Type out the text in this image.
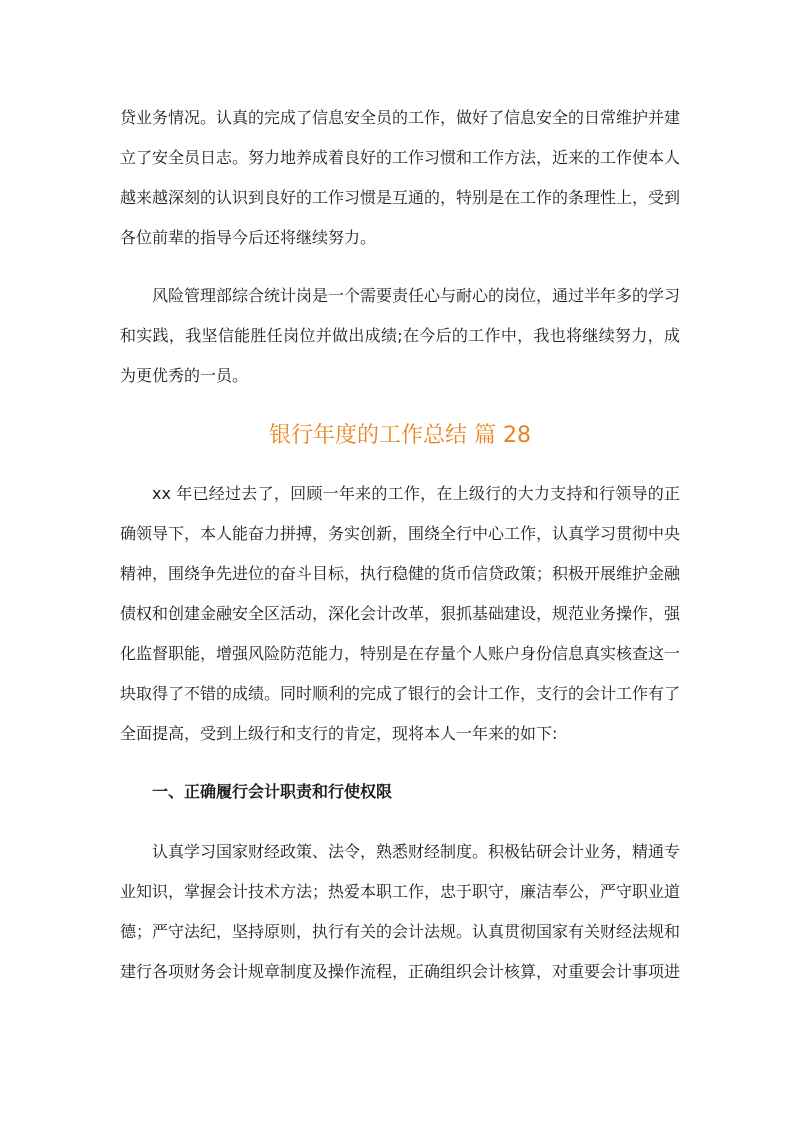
贷业务情况。认真的完成了信息安全员的工作，做好了信息安全的日常维护并建立了安全员日志。努力地养成着良好的工作习惯和工作方法，近来的工作使本人越来越深刻的认识到良好的工作习惯是互通的，特别是在工作的条理性上，受到各位前辈的指导今后还将继续努力。

风险管理部综合统计岗是一个需要责任心与耐心的岗位，通过半年多的学习和实践，我坚信能胜任岗位并做出成绩;在今后的工作中，我也将继续努力，成为更优秀的一员。

银行年度的工作总结 篇 28

xx 年已经过去了，回顾一年来的工作，在上级行的大力支持和行领导的正确领导下，本人能奋力拼搏，务实创新，围绕全行中心工作，认真学习贯彻中央精神，围绕争先进位的奋斗目标，执行稳健的货币信贷政策；积极开展维护金融债权和创建金融安全区活动，深化会计改革，狠抓基础建设，规范业务操作，强化监督职能，增强风险防范能力，特别是在存量个人账户身份信息真实核查这一块取得了不错的成绩。同时顺利的完成了银行的会计工作，支行的会计工作有了全面提高，受到上级行和支行的肯定，现将本人一年来的如下:

一、正确履行会计职责和行使权限

认真学习国家财经政策、法令，熟悉财经制度。积极钻研会计业务，精通专业知识，掌握会计技术方法；热爱本职工作，忠于职守，廉洁奉公，严守职业道德；严守法纪，坚持原则，执行有关的会计法规。认真贯彻国家有关财经法规和建行各项财务会计规章制度及操作流程，正确组织会计核算，对重要会计事项进
